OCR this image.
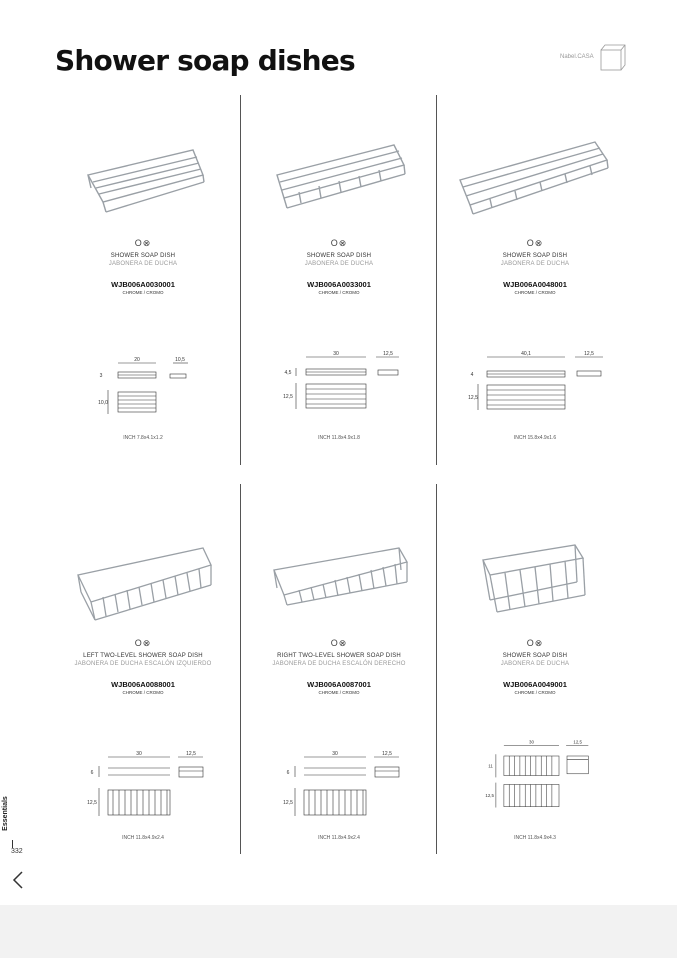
Shower soap dishes	Nabel.CASA
O⊗
SHOWER SOAP DISH
JABONERA DE DUCHA
WJB006A0030001
CHROME / CROMO
20	10,5
3
10,0
INCH 7.8x4.1x1.2
O⊗
SHOWER SOAP DISH
JABONERA DE DUCHA
WJB006A0033001
CHROME / CROMO
30	12,5
4,5
12,5
INCH 11.8x4.9x1.8
O⊗
SHOWER SOAP DISH
JABONERA DE DUCHA
WJB006A0048001
CHROME / CROMO
40,1	12,5
4
12,5
INCH 15.8x4.9x1.6
O⊗
LEFT TWO-LEVEL SHOWER SOAP DISH
JABONERA DE DUCHA ESCALÓN IZQUIERDO
WJB006A0088001
CHROME / CROMO
30	12,5
6
12,5
INCH 11.8x4.9x2.4
O⊗
RIGHT TWO-LEVEL SHOWER SOAP DISH
JABONERA DE DUCHA ESCALÓN DERECHO
WJB006A0087001
CHROME / CROMO
30	12,5
6
12,5
INCH 11.8x4.9x2.4
O⊗
SHOWER SOAP DISH
JABONERA DE DUCHA
WJB006A0049001
CHROME / CROMO
30	12,5
11
12,5
INCH 11.8x4.9x4.3
Essentials
332
